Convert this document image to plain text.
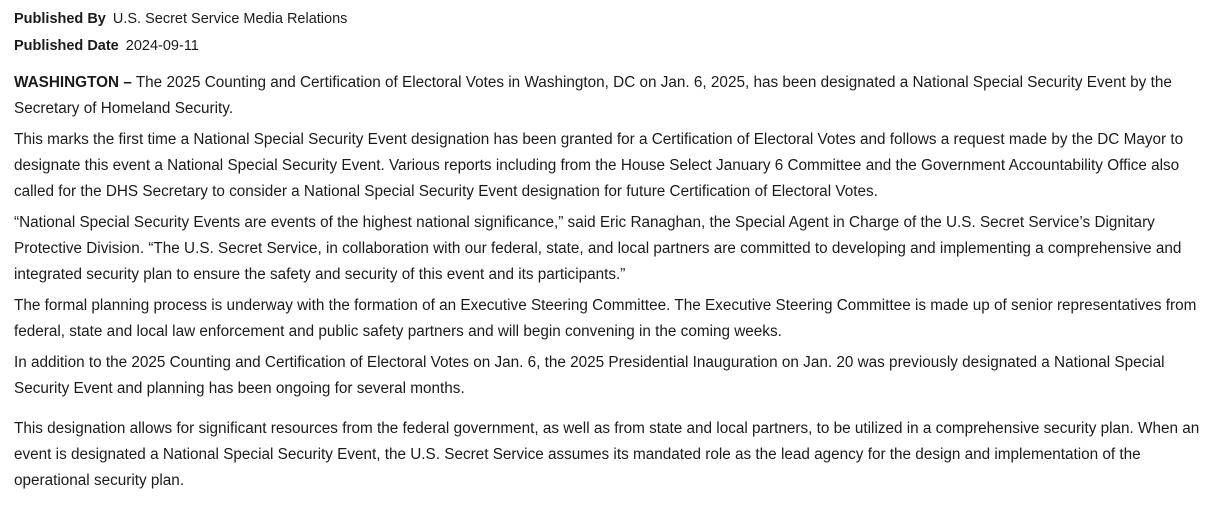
Published By U.S. Secret Service Media Relations
Published Date 2024-09-11

WASHINGTON – The 2025 Counting and Certification of Electoral Votes in Washington, DC on Jan. 6, 2025, has been designated a National Special Security Event by the Secretary of Homeland Security.

This marks the first time a National Special Security Event designation has been granted for a Certification of Electoral Votes and follows a request made by the DC Mayor to designate this event a National Special Security Event. Various reports including from the House Select January 6 Committee and the Government Accountability Office also called for the DHS Secretary to consider a National Special Security Event designation for future Certification of Electoral Votes.

“National Special Security Events are events of the highest national significance,” said Eric Ranaghan, the Special Agent in Charge of the U.S. Secret Service’s Dignitary Protective Division. “The U.S. Secret Service, in collaboration with our federal, state, and local partners are committed to developing and implementing a comprehensive and integrated security plan to ensure the safety and security of this event and its participants.”

The formal planning process is underway with the formation of an Executive Steering Committee. The Executive Steering Committee is made up of senior representatives from federal, state and local law enforcement and public safety partners and will begin convening in the coming weeks.

In addition to the 2025 Counting and Certification of Electoral Votes on Jan. 6, the 2025 Presidential Inauguration on Jan. 20 was previously designated a National Special Security Event and planning has been ongoing for several months.

This designation allows for significant resources from the federal government, as well as from state and local partners, to be utilized in a comprehensive security plan. When an event is designated a National Special Security Event, the U.S. Secret Service assumes its mandated role as the lead agency for the design and implementation of the operational security plan.
